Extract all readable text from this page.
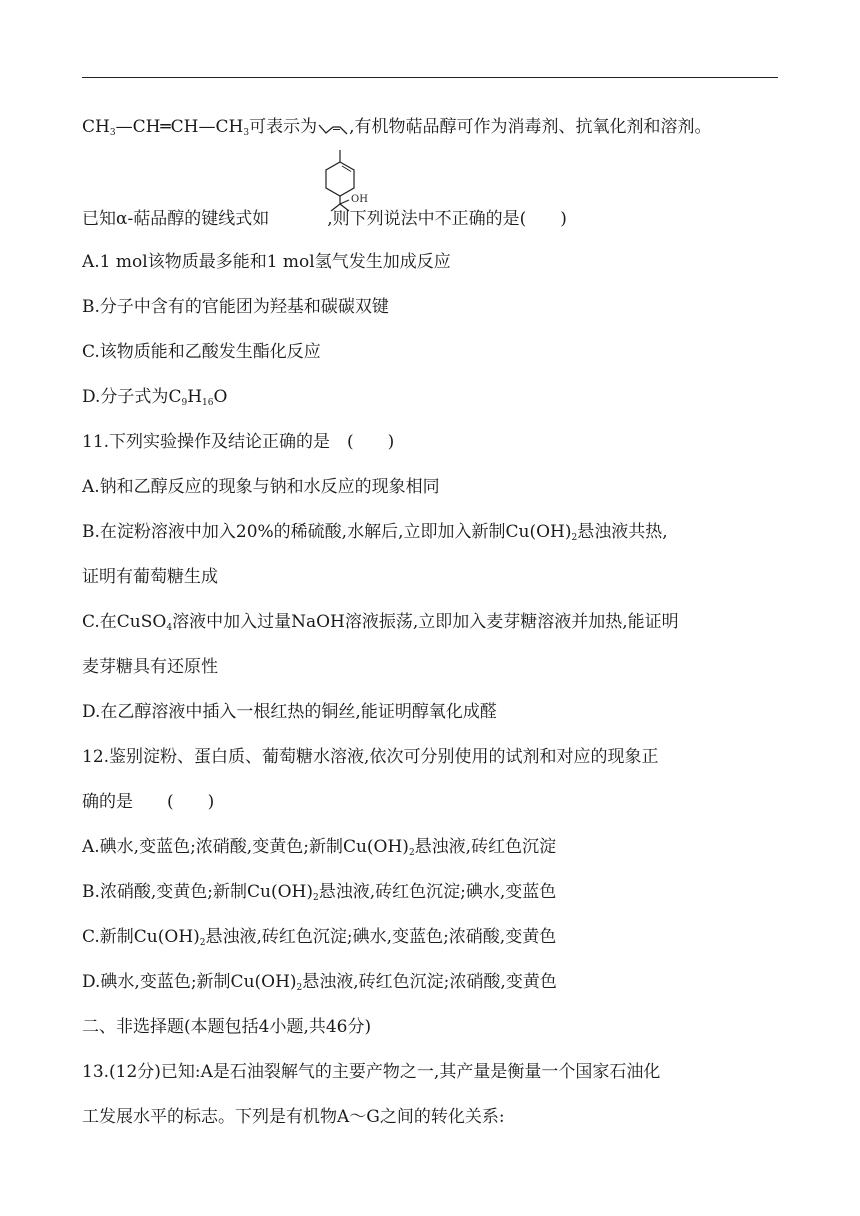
$CH_3—CH═CH—CH_3$可表示为 ,有机物萜品醇可作为消毒剂、抗氧化剂和溶剂。
OH
已知α-萜品醇的键线式如	,则下列说法中不正确的是(　　)
A.1 mol该物质最多能和1 mol氢气发生加成反应
B.分子中含有的官能团为羟基和碳碳双键
C.该物质能和乙酸发生酯化反应
D.分子式为$C_9H_{16}O$
11.下列实验操作及结论正确的是　(　　)
A.钠和乙醇反应的现象与钠和水反应的现象相同
B.在淀粉溶液中加入20%的稀硫酸,水解后,立即加入新制$Cu(OH)_2$悬浊液共热,
证明有葡萄糖生成
C.在CuSO$_4$溶液中加入过量NaOH溶液振荡,立即加入麦芽糖溶液并加热,能证明
麦芽糖具有还原性
D.在乙醇溶液中插入一根红热的铜丝,能证明醇氧化成醛
12.鉴别淀粉、蛋白质、葡萄糖水溶液,依次可分别使用的试剂和对应的现象正
确的是　　(　　)
A.碘水,变蓝色;浓硝酸,变黄色;新制$Cu(OH)_2$悬浊液,砖红色沉淀
B.浓硝酸,变黄色;新制$Cu(OH)_2$悬浊液,砖红色沉淀;碘水,变蓝色
C.新制$Cu(OH)_2$悬浊液,砖红色沉淀;碘水,变蓝色;浓硝酸,变黄色
D.碘水,变蓝色;新制$Cu(OH)_2$悬浊液,砖红色沉淀;浓硝酸,变黄色
二、非选择题(本题包括4小题,共46分)
13.(12分)已知:A是石油裂解气的主要产物之一,其产量是衡量一个国家石油化
工发展水平的标志。下列是有机物A～G之间的转化关系:
